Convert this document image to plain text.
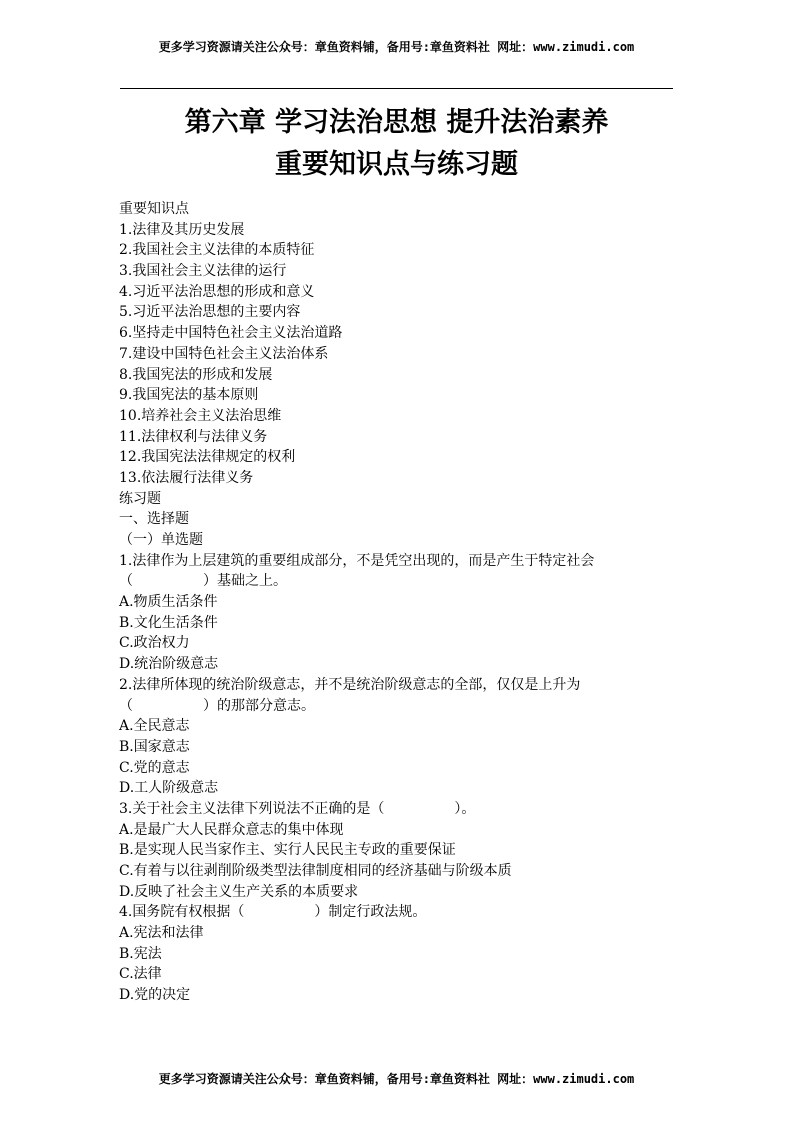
更多学习资源请关注公众号：章鱼资料铺，备用号:章鱼资料社 网址：www.zimudi.com
第六章 学习法治思想 提升法治素养
重要知识点与练习题
重要知识点
1.法律及其历史发展
2.我国社会主义法律的本质特征
3.我国社会主义法律的运行
4.习近平法治思想的形成和意义
5.习近平法治思想的主要内容
6.坚持走中国特色社会主义法治道路
7.建设中国特色社会主义法治体系
8.我国宪法的形成和发展
9.我国宪法的基本原则
10.培养社会主义法治思维
11.法律权利与法律义务
12.我国宪法法律规定的权利
13.依法履行法律义务
练习题
一、选择题
（一）单选题
1.法律作为上层建筑的重要组成部分，不是凭空出现的，而是产生于特定社会
（	）基础之上。
A.物质生活条件
B.文化生活条件
C.政治权力
D.统治阶级意志
2.法律所体现的统治阶级意志，并不是统治阶级意志的全部，仅仅是上升为
（	）的那部分意志。
A.全民意志
B.国家意志
C.党的意志
D.工人阶级意志
3.关于社会主义法律下列说法不正确的是（	）。
A.是最广大人民群众意志的集中体现
B.是实现人民当家作主、实行人民民主专政的重要保证
C.有着与以往剥削阶级类型法律制度相同的经济基础与阶级本质
D.反映了社会主义生产关系的本质要求
4.国务院有权根据（	）制定行政法规。
A.宪法和法律
B.宪法
C.法律
D.党的决定
更多学习资源请关注公众号：章鱼资料铺，备用号:章鱼资料社 网址：www.zimudi.com
